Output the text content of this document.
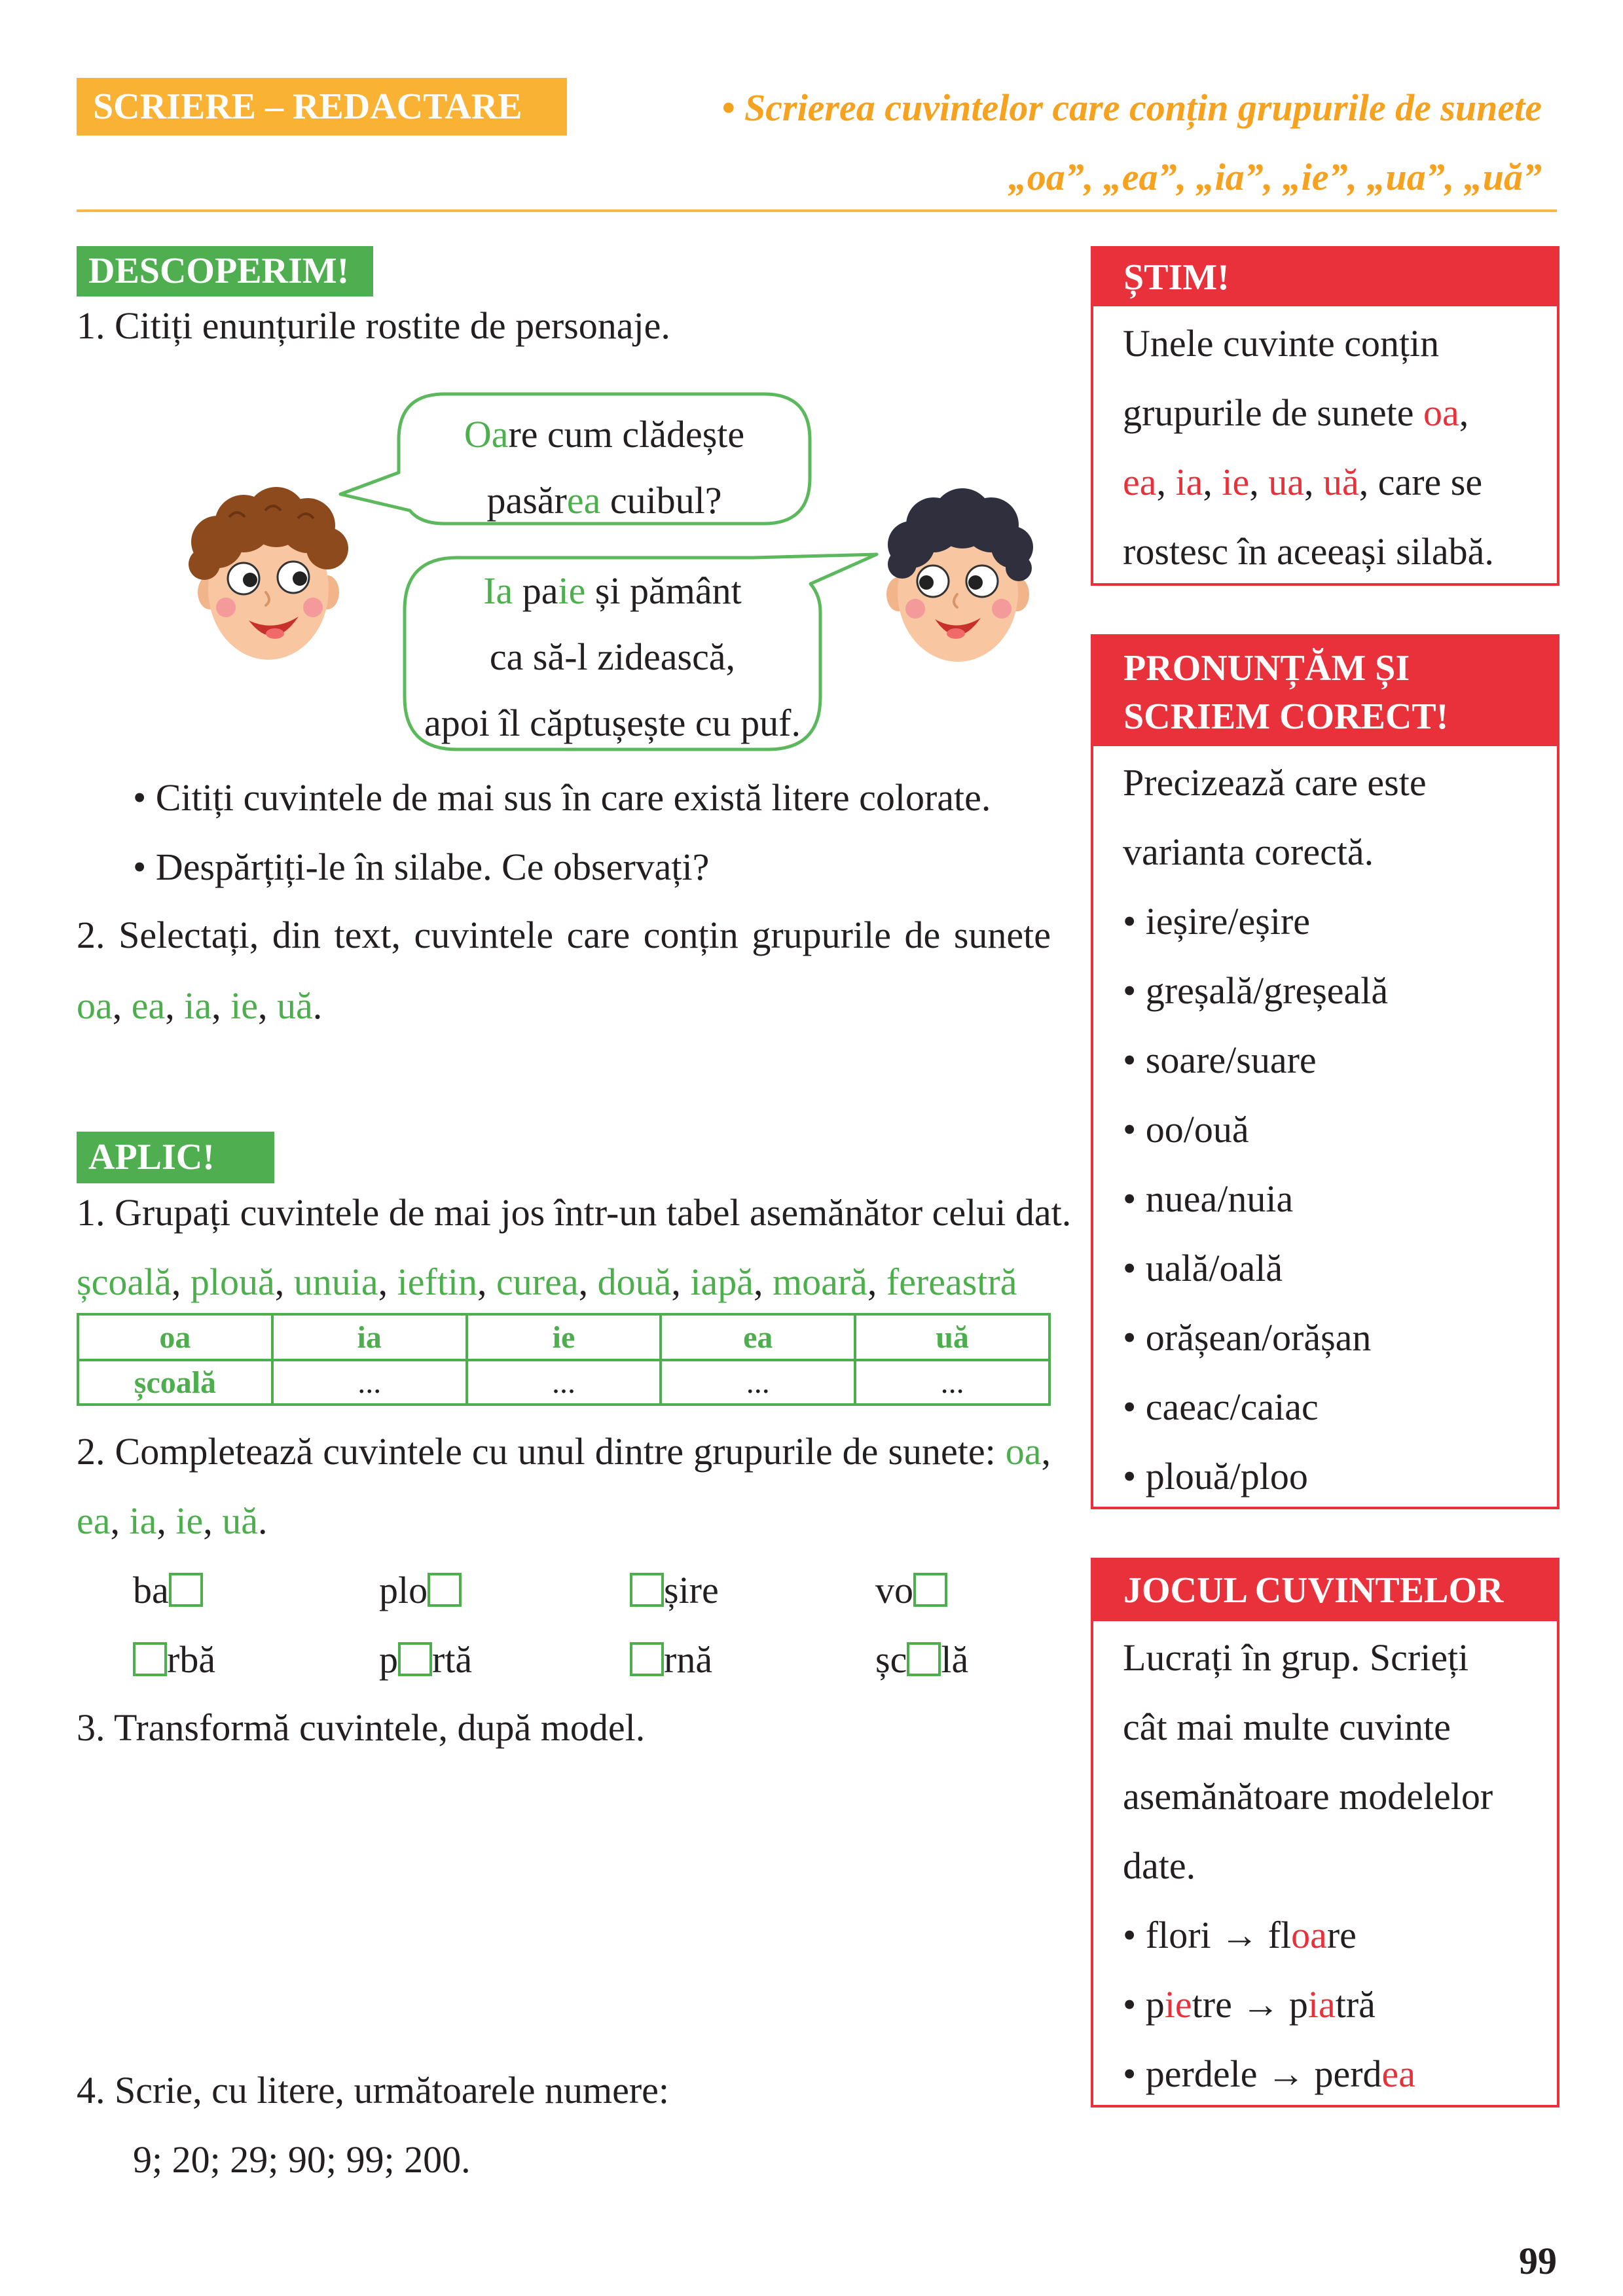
SCRIERE – REDACTARE	• Scrierea cuvintelor care conțin grupurile de sunete
„oa”, „ea”, „ia”, „ie”, „ua”, „uă”
DESCOPERIM!
1. Citiți enunțurile rostite de personaje.
Oare cum clădește
pasărea cuibul?
Ia paie și pământ
ca să-l zidească,
apoi îl căptușește cu puf.
• Citiți cuvintele de mai sus în care există litere colorate.
• Despărțiți-le în silabe. Ce observați?
2. Selectați, din text, cuvintele care conțin grupurile de sunete
oa, ea, ia, ie, uă.
APLIC!
1. Grupați cuvintele de mai jos într-un tabel asemănător celui dat.
școală, plouă, unuia, ieftin, curea, două, iapă, moară, fereastră
oa	ia	ie	ea	uă
școală	...	...	...	...
2. Completează cuvintele cu unul dintre grupurile de sunete: oa,
ea, ia, ie, uă.
ba	plo	șire	vo
rbă	p rtă	rnă	șc lă
3. Transformă cuvintele, după model.
4. Scrie, cu litere, următoarele numere:
9; 20; 29; 90; 99; 200.
ȘTIM!
Unele cuvinte conțin
grupurile de sunete oa,
ea, ia, ie, ua, uă, care se
rostesc în aceeași silabă.
PRONUNȚĂM ȘI
SCRIEM CORECT!
Precizează care este
varianta corectă.
• ieșire/eșire
• greșală/greșeală
• soare/suare
• oo/ouă
• nuea/nuia
• uală/oală
• orășean/orășan
• caeac/caiac
• plouă/ploo
JOCUL CUVINTELOR
Lucrați în grup. Scrieți
cât mai multe cuvinte
asemănătoare modelelor
date.
• flori → floare
• pietre → piatră
• perdele → perdea
99
